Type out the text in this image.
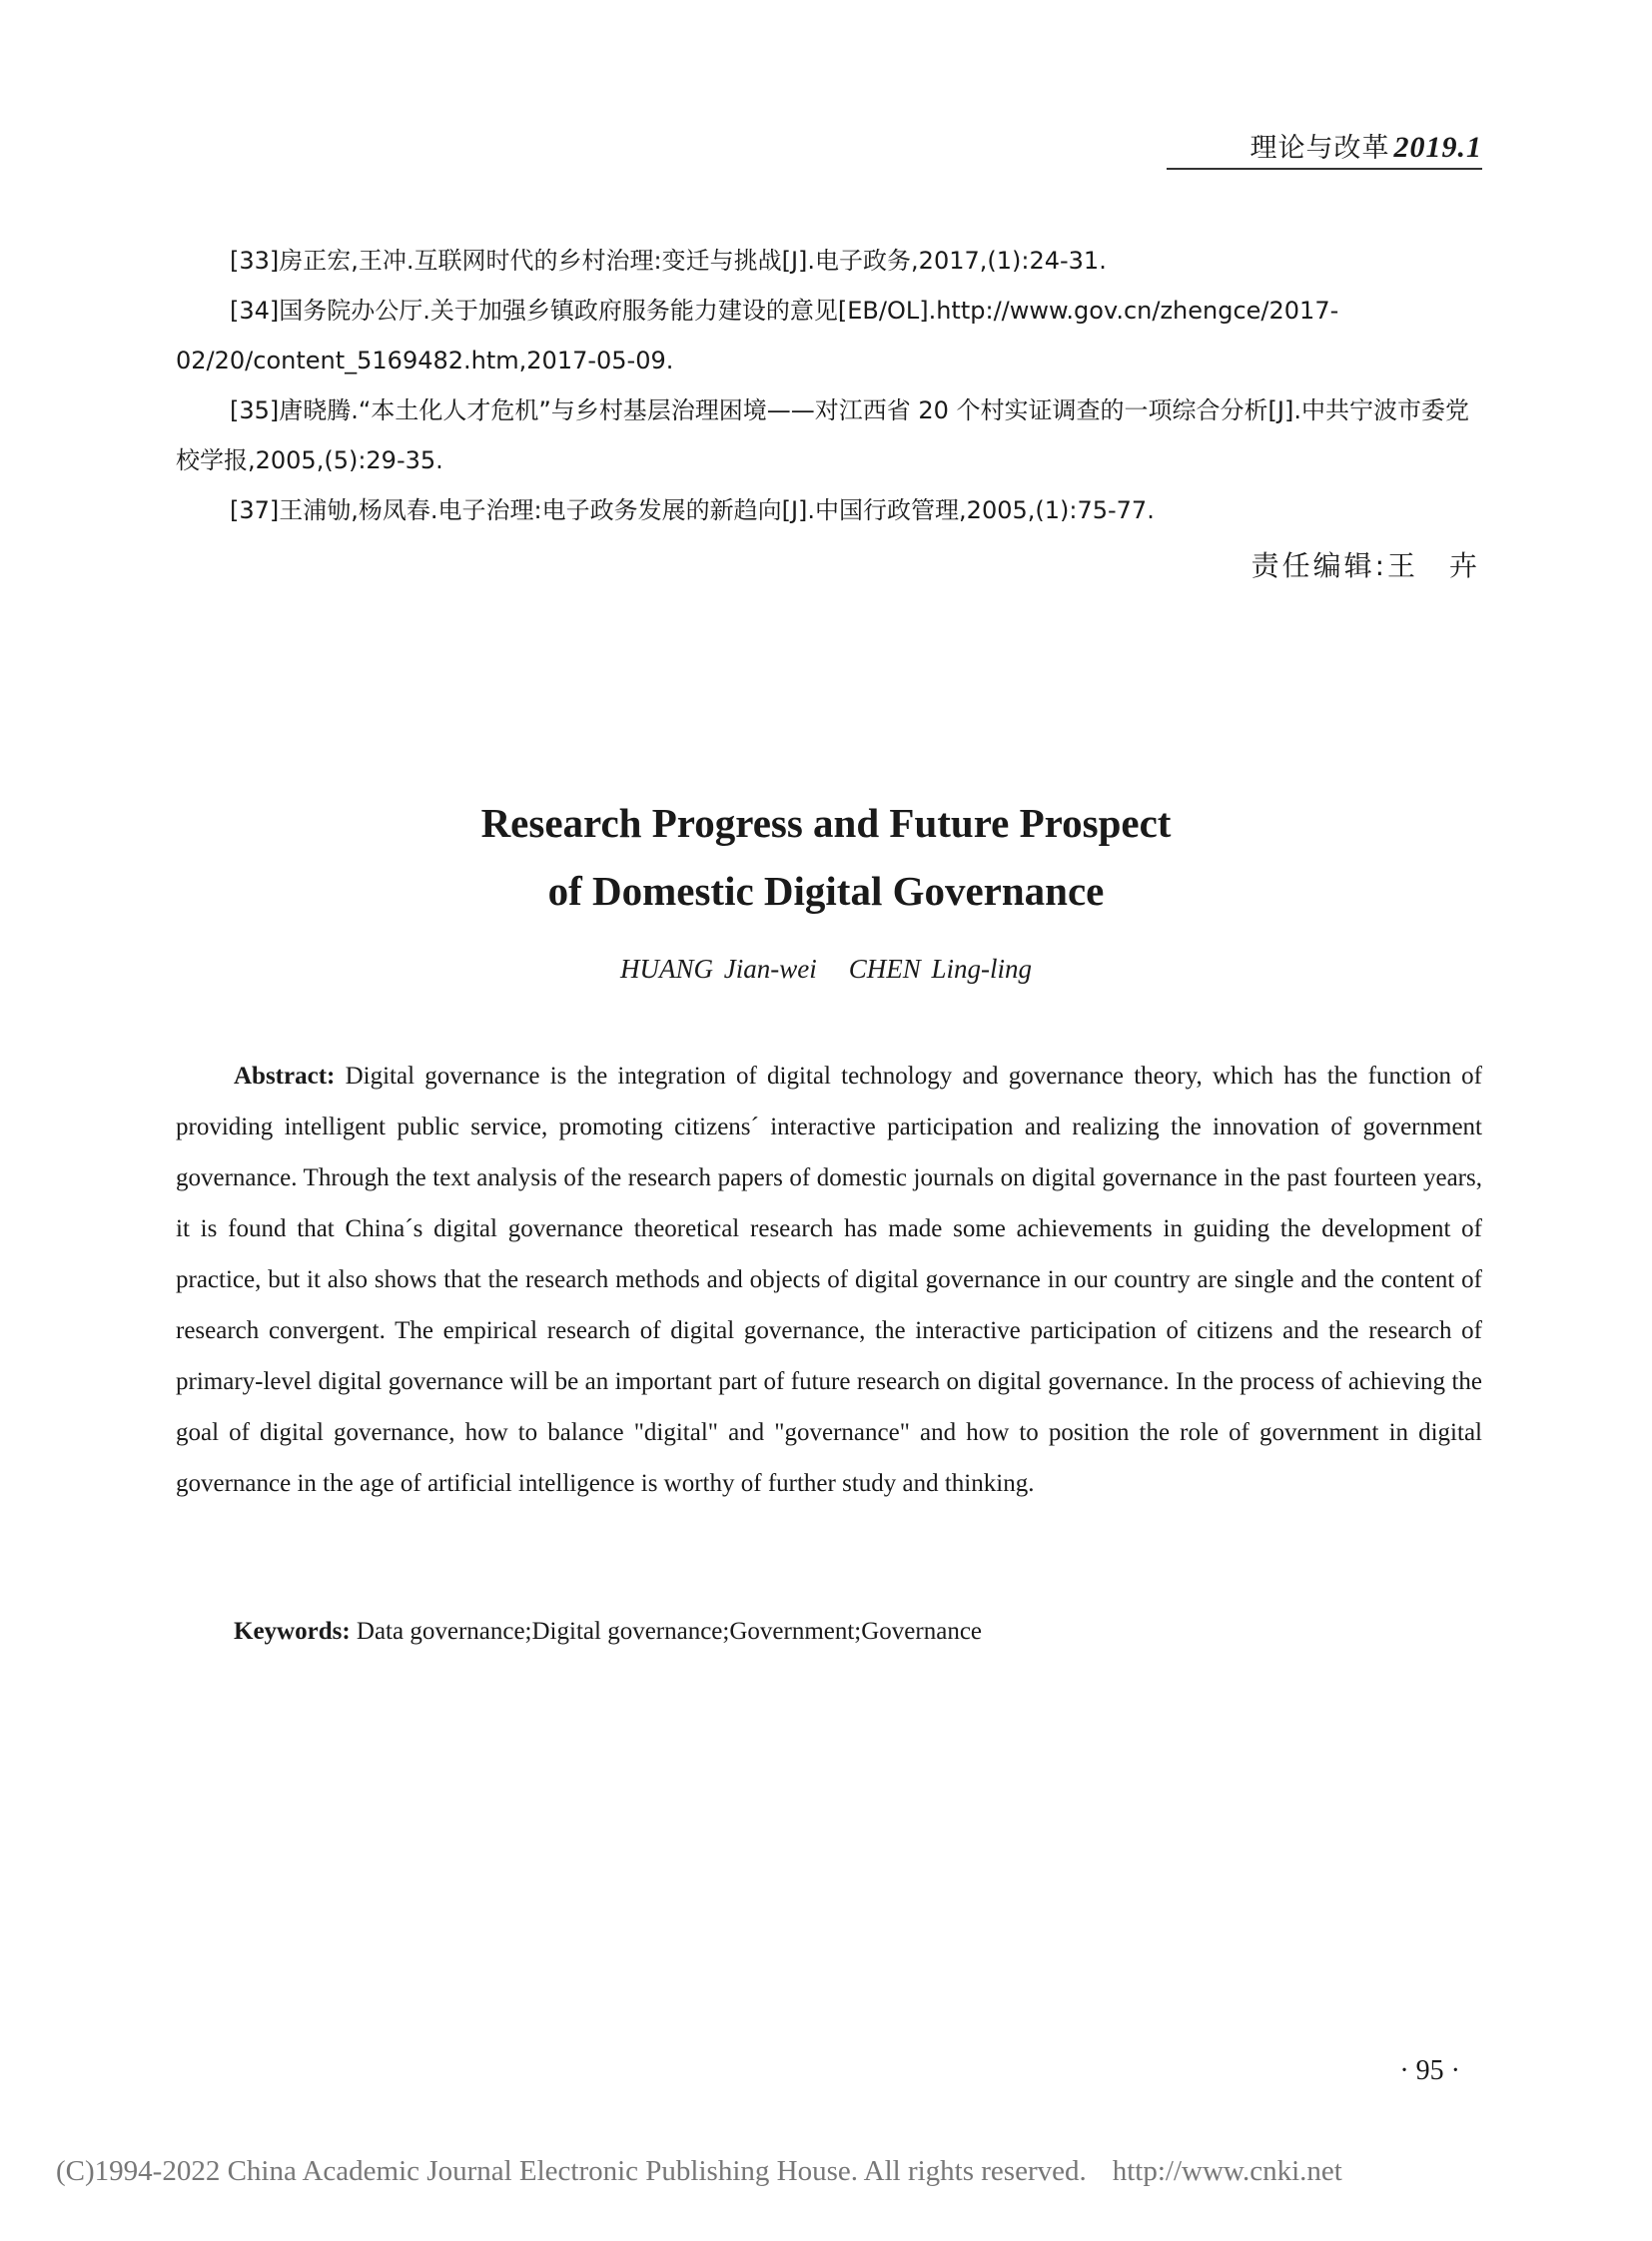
理论与改革 2019.1

[33]房正宏,王冲.互联网时代的乡村治理:变迁与挑战[J].电子政务,2017,(1):24-31.

[34]国务院办公厅.关于加强乡镇政府服务能力建设的意见[EB/OL].http://www.gov.cn/zhengce/2017-02/20/content_5169482.htm,2017-05-09.

[35]唐晓腾.“本土化人才危机”与乡村基层治理困境——对江西省 20 个村实证调查的一项综合分析[J].中共宁波市委党校学报,2005,(5):29-35.

[37]王浦劬,杨凤春.电子治理:电子政务发展的新趋向[J].中国行政管理,2005,(1):75-77.

责任编辑:王　卉
Research Progress and Future Prospect
of Domestic Digital Governance
HUANG Jian-wei CHEN Ling-ling

Abstract: Digital governance is the integration of digital technology and governance theory, which has the function of providing intelligent public service, promoting citizens´ interactive participation and realizing the innovation of government governance. Through the text analysis of the research papers of domestic journals on digital governance in the past fourteen years, it is found that China´s digital governance theoretical research has made some achievements in guiding the development of practice, but it also shows that the research methods and objects of digital governance in our country are single and the content of research convergent. The empirical research of digital governance, the interactive participation of citizens and the research of primary-level digital governance will be an important part of future research on digital governance. In the process of achieving the goal of digital governance, how to balance "digital" and "governance" and how to position the role of government in digital governance in the age of artificial intelligence is worthy of further study and thinking.

Keywords: Data governance;Digital governance;Government;Governance
· 95 ·
(C)1994-2022 China Academic Journal Electronic Publishing House. All rights reserved. http://www.cnki.net
